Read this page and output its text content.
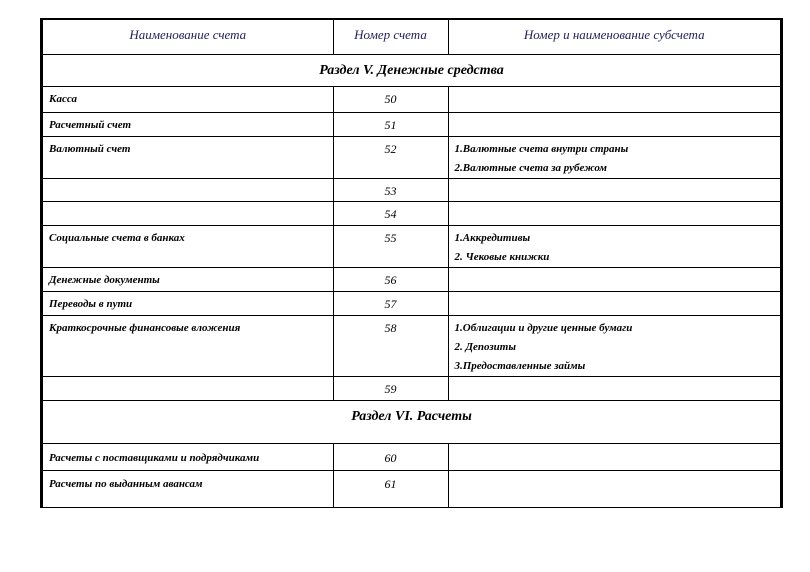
Наименование счета	Номер счета	Номер и наименование субсчета
Раздел V. Денежные средства		
Касса	50	
Расчетный счет	51	
Валютный счет	52	1.Валютные счета внутри страны
2.Валютные счета за рубежом

	53	
	54	
Социальные счета в банках	55	1.Аккредитивы
2. Чековые книжки

Денежные документы	56	
Переводы в пути	57	
Краткосрочные финансовые вложения	58	1.Облигации и другие ценные бумаги
2. Депозиты
3.Предоставленные займы

	59	
Раздел VI. Расчеты		
Расчеты с поставщиками и подрядчиками	60	
Расчеты по выданным авансам	61	
